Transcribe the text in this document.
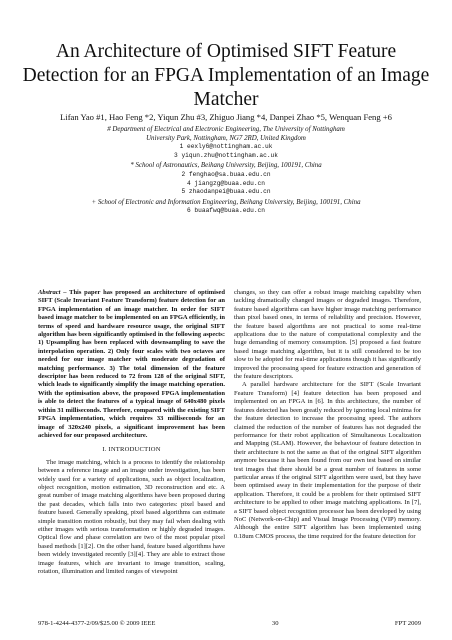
An Architecture of Optimised SIFT Feature
Detection for an FPGA Implementation of an Image
Matcher
Lifan Yao #1, Hao Feng *2, Yiqun Zhu #3, Zhiguo Jiang *4, Danpei Zhao *5, Wenquan Feng +6
# Department of Electrical and Electronic Engineering, The University of Nottingham
University Park, Nottingham, NG7 2RD, United Kingdom
1 eexly6@nottingham.ac.uk
3 yiqun.zhu@nottingham.ac.uk
* School of Astronautics, Beihang University, Beijing, 100191, China
2 fenghao@sa.buaa.edu.cn
4 jiangzg@buaa.edu.cn
5 zhaodanpei@buaa.edu.cn
+ School of Electronic and Information Engineering, Beihang University, Beijing, 100191, China
6 buaafwq@buaa.edu.cn

Abstract – This paper has proposed an architecture of optimised SIFT (Scale Invariant Feature Transform) feature detection for an FPGA implementation of an image matcher. In order for SIFT based image matcher to be implemented on an FPGA efficiently, in terms of speed and hardware resource usage, the original SIFT algorithm has been significantly optimised in the following aspects: 1) Upsampling has been replaced with downsampling to save the interpolation operation. 2) Only four scales with two octaves are needed for our image matcher with moderate degradation of matching performance. 3) The total dimension of the feature descriptor has been reduced to 72 from 128 of the original SIFT, which leads to significantly simplify the image matching operation. With the optimisation above, the proposed FPGA implementation is able to detect the features of a typical image of 640x480 pixels within 31 milliseconds. Therefore, compared with the existing SIFT FPGA implementation, which requires 33 milliseconds for an image of 320x240 pixels, a significant improvement has been achieved for our proposed architecture.

I. INTRODUCTION

The image matching, which is a process to identify the relationship between a reference image and an image under investigation, has been widely used for a variety of applications, such as object localization, object recognition, motion estimation, 3D reconstruction and etc. A great number of image matching algorithms have been proposed during the past decades, which falls into two categories: pixel based and feature based. Generally speaking, pixel based algorithms can estimate simple transition motion robustly, but they may fail when dealing with either images with serious transformation or highly degraded images. Optical flow and phase correlation are two of the most popular pixel based methods [1][2]. On the other hand, feature based algorithms have been widely investigated recently [3][4]. They are able to extract those image features, which are invariant to image transition, scaling, rotation, illumination and limited ranges of viewpoint

changes, so they can offer a robust image matching capability when tackling dramatically changed images or degraded images. Therefore, feature based algorithms can have higher image matching performance than pixel based ones, in terms of reliability and precision. However, the feature based algorithms are not practical to some real-time applications due to the nature of computational complexity and the huge demanding of memory consumption. [5] proposed a fast feature based image matching algorithm, but it is still considered to be too slow to be adopted for real-time applications though it has significantly improved the processing speed for feature extraction and generation of the feature descriptors.

A parallel hardware architecture for the SIFT (Scale Invariant Feature Transform) [4] feature detection has been proposed and implemented on an FPGA in [6]. In this architecture, the number of features detected has been greatly reduced by ignoring local minima for the feature detection to increase the processing speed. The authors claimed the reduction of the number of features has not degraded the performance for their robot application of Simultaneous Localization and Mapping (SLAM). However, the behaviour of feature detection in their architecture is not the same as that of the original SIFT algorithm anymore because it has been found from our own test based on similar test images that there should be a great number of features in some particular areas if the original SIFT algorithm were used, but they have been optimised away in their implementation for the purpose of their application. Therefore, it could be a problem for their optimised SIFT architecture to be applied to other image matching applications. In [7], a SIFT based object recognition processor has been developed by using NoC (Network-on-Chip) and Visual Image Processing (VIP) memory. Although the entire SIFT algorithm has been implemented using 0.18um CMOS process, the time required for the feature detection for

978-1-4244-4377-2/09/$25.00 © 2009 IEEE	30	FPT 2009
